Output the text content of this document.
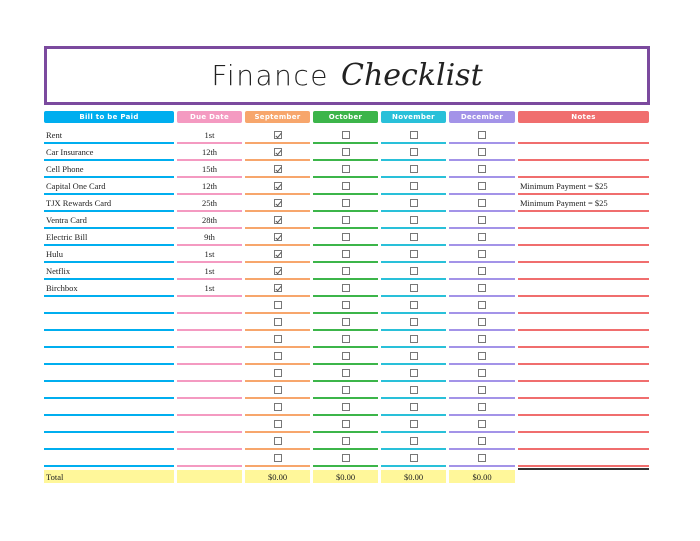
Finance Checklist
Bill to be Paid
Rent
Car Insurance
Cell Phone
Capital One Card
TJX Rewards Card
Ventra Card
Electric Bill
Hulu
Netflix
Birchbox
Total
Due Date
1st
12th
15th
12th
25th
28th
9th
1st
1st
1st
September
$0.00
October
$0.00
November
$0.00
December
$0.00
Notes
Minimum Payment = $25
Minimum Payment = $25
